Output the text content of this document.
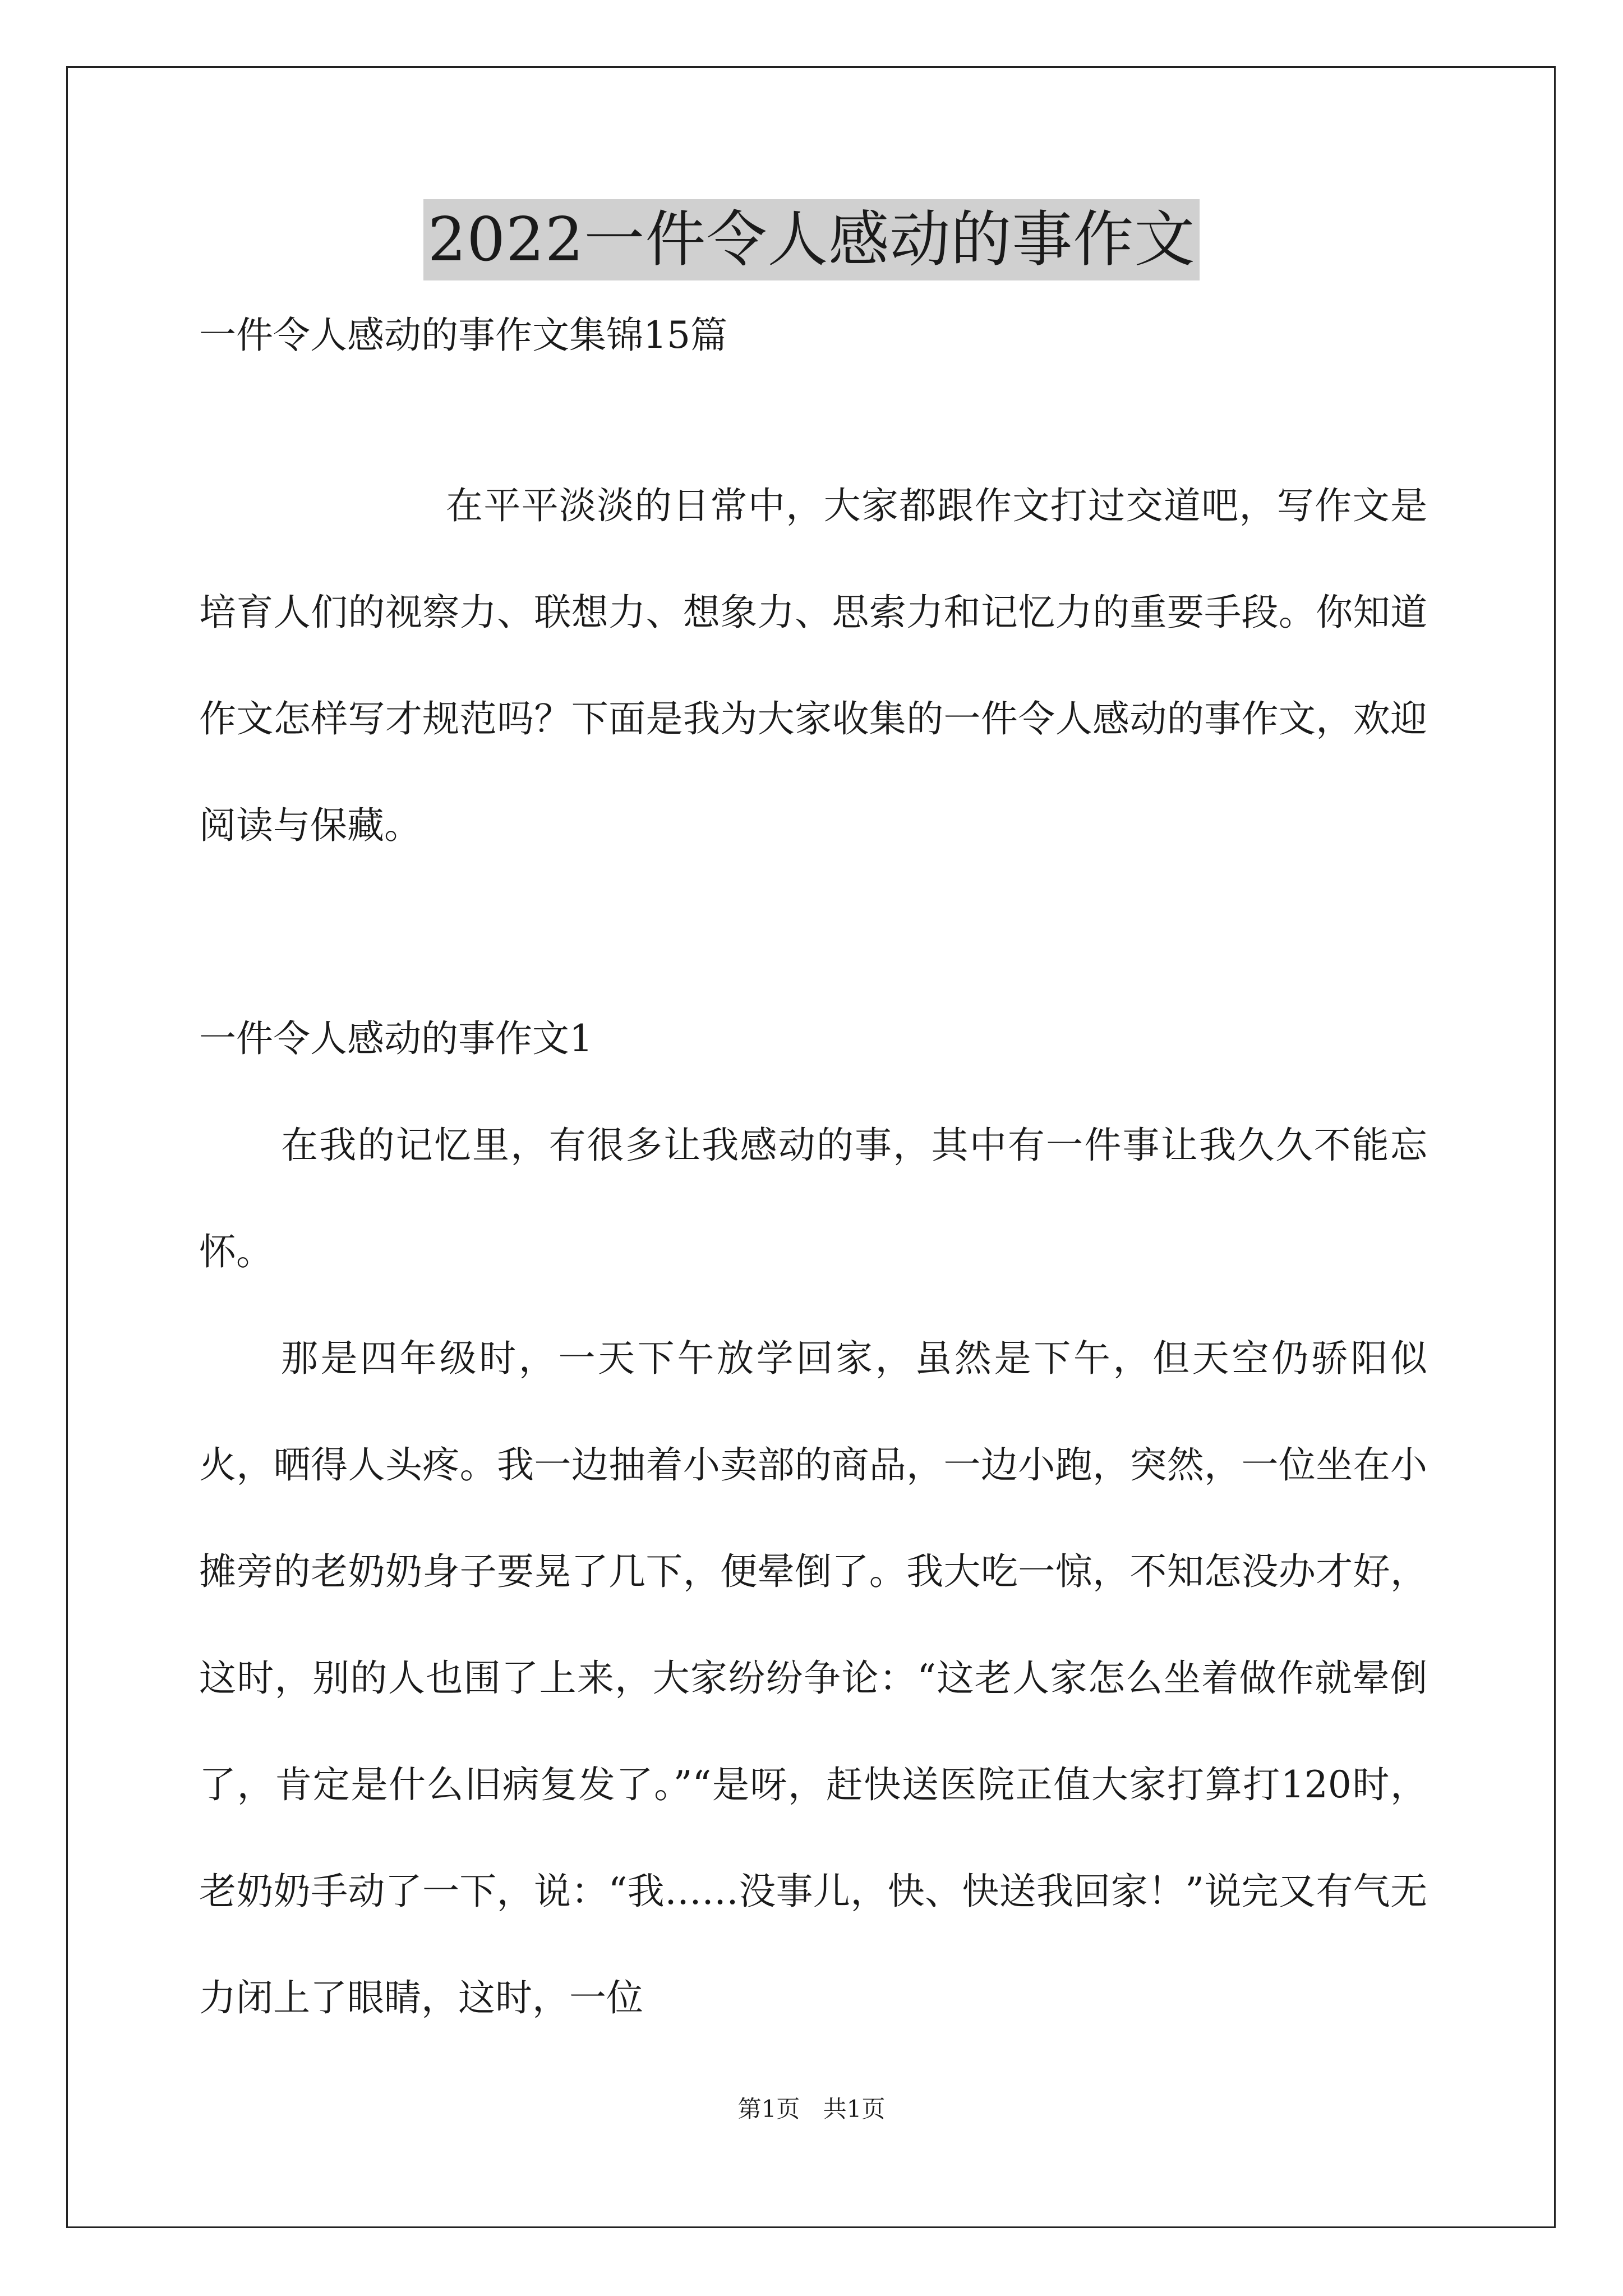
2022一件令人感动的事作文
一件令人感动的事作文集锦15篇

在平平淡淡的日常中，大家都跟作文打过交道吧，写作文是培育人们的视察力、联想力、想象力、思索力和记忆力的重要手段。你知道作文怎样写才规范吗？下面是我为大家收集的一件令人感动的事作文，欢迎阅读与保藏。

一件令人感动的事作文1

在我的记忆里，有很多让我感动的事，其中有一件事让我久久不能忘怀。

那是四年级时，一天下午放学回家，虽然是下午，但天空仍骄阳似火，晒得人头疼。我一边抽着小卖部的商品，一边小跑，突然，一位坐在小摊旁的老奶奶身子要晃了几下，便晕倒了。我大吃一惊，不知怎没办才好，这时，别的人也围了上来，大家纷纷争论：“这老人家怎么坐着做作就晕倒了，肯定是什么旧病复发了。”“是呀，赶快送医院正值大家打算打120时，老奶奶手动了一下，说：“我……没事儿，快、快送我回家！”说完又有气无力闭上了眼睛，这时，一位

第1页 共1页
